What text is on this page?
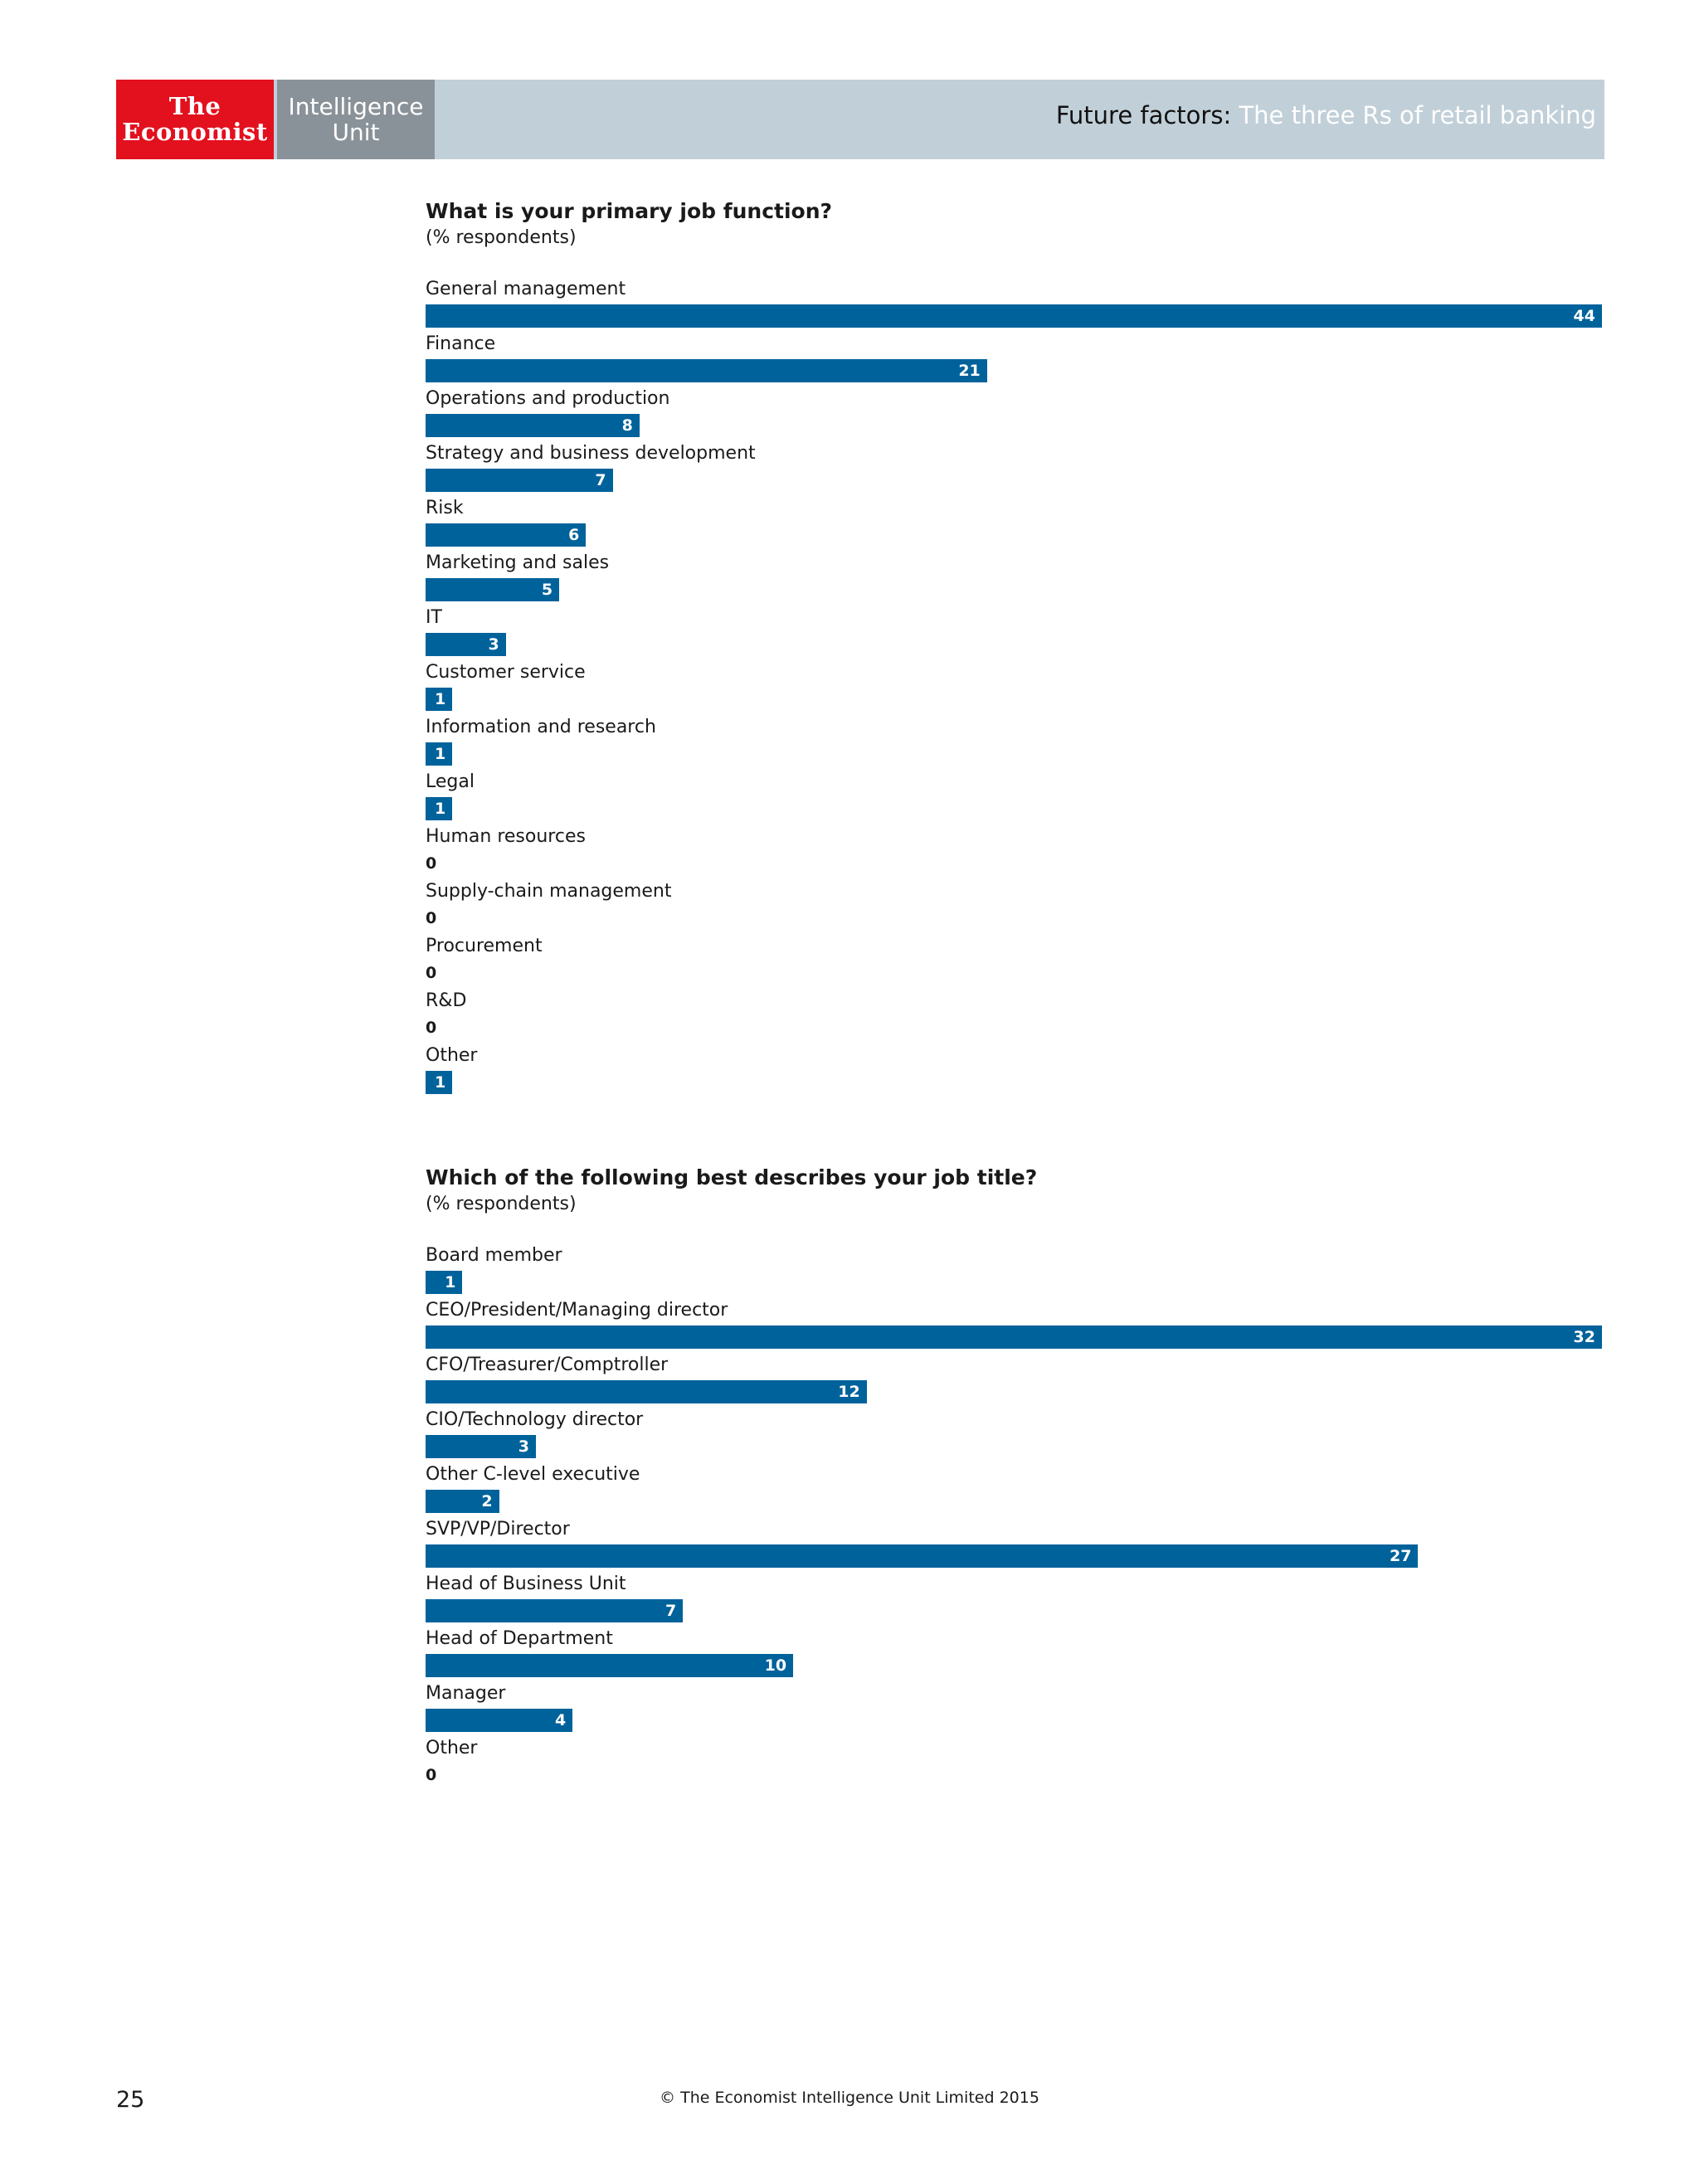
The
Economist
Intelligence
Unit
Future factors: The three Rs of retail banking
What is your primary job function?
(% respondents)
General management
44
Finance
21
Operations and production
8
Strategy and business development
7
Risk
6
Marketing and sales
5
IT
3
Customer service
1
Information and research
1
Legal
1
Human resources
0
Supply-chain management
0
Procurement
0
R&D
0
Other
1
Which of the following best describes your job title?
(% respondents)
Board member
1
CEO/President/Managing director
32
CFO/Treasurer/Comptroller
12
CIO/Technology director
3
Other C-level executive
2
SVP/VP/Director
27
Head of Business Unit
7
Head of Department
10
Manager
4
Other
0
25	© The Economist Intelligence Unit Limited 2015
